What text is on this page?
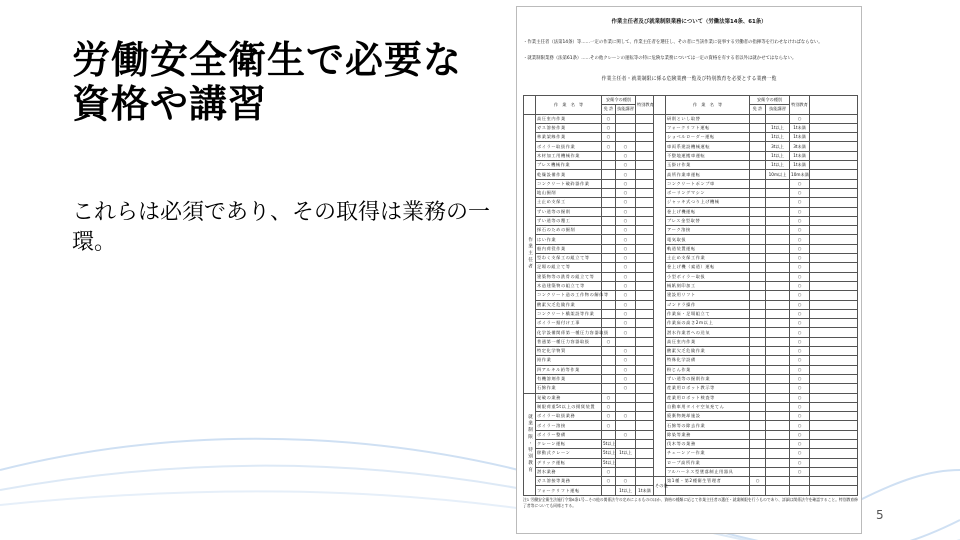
労働安全衛生で必要な資格や講習
これらは必須であり、その取得は業務の一環。
5
作業主任者及び就業制限業務について（労働法第14条、61条）
・作業主任者（法第14条）等……一定の作業に関して、作業主任者を選任し、その者に当該作業に従事する労働者の指揮等を行わせなければならない。
・就業制限業務（法第61条）……その他クレーンの運転等の特に危険な業務については一定の資格を有する者以外は就かせてはならない。
作業主任者・就業制限に係る危険業務一覧及び特別教育を必要とする業務一覧
	作　業　名　等	安衛令の種別		特別教育		作　業　名　等	安衛令の種別		特別教育	
		免 許	技能講習				免 許	技能講習		
作業主任者	高圧室内作業	○				研削といし取替			○	
	ガス溶接作業	○				フォークリフト運転		1t以上	1t未満	
	林業架線作業	○				ショベルローダー運転		1t以上	1t未満	
	ボイラー取扱作業	○	○			車両系建設機械運転		3t以上	3t未満	
	木材加工用機械作業		○			不整地運搬車運転		1t以上	1t未満	
	プレス機械作業		○			玉掛け作業		1t以上	1t未満	
	乾燥設備作業		○			高所作業車運転		10m以上	10m未満	
	コンクリート破砕器作業		○			コンクリートポンプ車			○	
	地山掘削		○			ボーリングマシン			○	
	土止め支保工		○			ジャッキ式つり上げ機械			○	
	ずい道等の掘削		○			巻上げ機運転			○	
	ずい道等の覆工		○			プレス金型取替			○	
	採石のための掘削		○			アーク溶接			○	
	はい作業		○			電気取扱			○	
	船内荷役作業		○			軌道装置運転			○	
	型わく支保工の組立て等		○			土止め支保工作業			○	
	足場の組立て等		○			巻上げ機（索道）運転			○	
	建築物等の鉄骨の組立て等		○			小型ボイラー取扱			○	
	木造建築物の組立て等		○			械紙刻印加工			○	
	コンクリート造の工作物の解体等		○			建設用リフト			○	
	酸素欠乏危険作業		○			ゴンドラ操作			○	
	コンクリート橋架設等作業		○			作業床・足場組立て			○	
	ボイラー据付け工事		○			作業床の高さ2m以上			○	
	化学設備関係第一種圧力容器取扱		○			潜水作業者への送気			○	
	普通第一種圧力容器取扱	○				高圧室内作業			○	
	特定化学物質		○			酸素欠乏危険作業			○	
	鉛作業		○			特殊化学設備			○	
	四アルキル鉛等作業		○			粉じん作業			○	
	有機溶剤作業		○			ずい道等の掘削作業			○	
	石綿作業		○			産業用ロボット教示等			○	
就業制限・特別教育	発破の業務	○				産業用ロボット検査等			○	
	制限荷重5t以上の揚貨装置	○				自動車用タイヤ空気充てん			○	
	ボイラー取扱業務	○	○			廃棄物焼却施設			○	
	ボイラー溶接	○				石綿等の除去作業			○	
	ボイラー整備		○			除染等業務			○	
	クレーン運転	5t以上				伐木等の業務			○	
	移動式クレーン	5t以上	1t以上			チェーンソー作業			○	
	デリック運転	5t以上				ロープ高所作業			○	
	潜水業務	○				フルハーネス型墜落制止用器具			○	
	ガス溶接等業務	○	○		その他	第1種・第2種衛生管理者	○			
	フォークリフト運転		1t以上	1t未満						
注1 労働安全衛生法施行令第6条1号…その他の関係法令の定めによるもののほか、資格の種類に応じて作業主任者の選任・就業制限を行うものであり、詳細は関係法令を確認すること。特別教育修了者等についても同様とする。
